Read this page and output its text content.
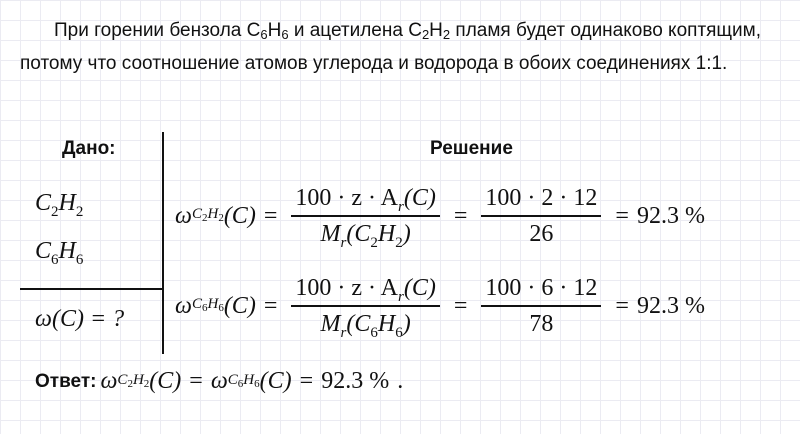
При горении бензола $C_6H_6$ и ацетилена $C_2H_2$ пламя будет одинаково коптящим, потому что соотношение атомов углерода и водорода в обоих соединениях 1:1.

Дано:	Решение
$C_2H_2$
$C_6H_6$
ω(C) = ?
ω $C_2H_2$ $(C) = \frac{100 \cdot z \cdot A_r(C)}{M_r(C_2H_2)} = \frac{100 \cdot 2 \cdot 12}{26} = 92.3$ %
ω $C_6H_6$ $(C) = \frac{100 \cdot z \cdot A_r(C)}{M_r(C_6H_6)} = \frac{100 \cdot 6 \cdot 12}{78} = 92.3$ %
Ответ: ω $C_2H_2$ (C) = ω $C_6H_6$ (C) = 92.3 % .
